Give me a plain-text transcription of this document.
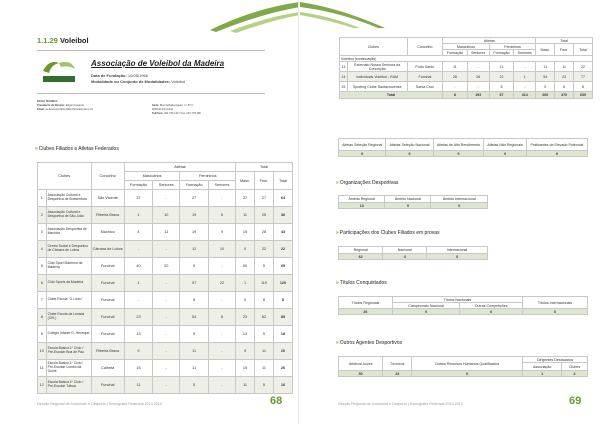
1.1.29 Voleibol
Associação de Voleibol da Madeira
Data de Fundação: 10/05/1966
Modalidade ou Conjunto de Modalidades: Voleibol
FICHA TÉCNICA:
Presidente da Direção: Edgar Cesareia
Email: av.desconsordetubilizonhiracastrrpto.com
Sede: Rua Velhada Aguiar, n.º 87 C
9000-013 Funchal
Telefone: 291 764 140 / Fax: 291 778 486
»Clubes Filiados e Atletas Federados
Clubes		Concelho	Atletas				Total		
			Masculinos		Femininos		Masc.	Fem.	Total
			Formação	Seniores	Formação	Seniores			
1	Associação Cultural e Desportiva de Boaventura	São Vicente	37	-	27	-	37	27	64
2	Associação Cultural e Desportiva de São João	Ribeira Brava	1	10	19	6	11	25	36
3	Associação Desportiva de Machico	Machico	4	11	19	9	15	28	43
4	Centro Social e Desportivo de Câmara de Lobos	Câmara de Lobos	-	-	12	10	0	22	22
5	Club Sport Marítimo da Madeira	Funchal	40	20	5	-	60	5	65
6	Club Sports da Madeira	Funchal	1	-	97	22	1	119	120
7	Clube Escola "O Liceu"	Funchal	-	-	8	-	0	8	8
8	Clube Escola da Levada (CEL)	Funchal	23	-	54	8	23	62	85
9	Colégio Infante D. Henrique	Funchal	13	-	5	-	13	5	18
10	Escola Básica 1º Ciclo / Pré-Escolar Boa de Pau	Ribeira Brava	9	-	11	-	9	11	20
11	Escola Básica 1º Ciclo / Pré-Escolar Lombo da Guiné	Calheta	15	-	11	-	15	11	26
12	Escola Básica 1º Ciclo / Pré-Escolar Tábua	Funchal	11	-	5	-	11	5	16
Direção Regional de Juventude e Desporto | Demografia Federada 2013-2014	68
Clubes		Concelho	Atletas				Total		
			Masculinos		Femininos		Masc.	Fem.	Total
			Formação	Seniores	Formação	Seniores			
Voleibol (continuação)									
13	Externato Nossa Senhora da Conceição	Porto Santo	11	-	11	-	11	11	22
14	Individuais Voleibol - RAM	Funchal	28	26	22	1	54	23	77
15	Sporting Clube Santacruzense	Santa Cruz	-	-	8	-	0	8	8
Total			8	193	67	314	260	370	630
Atletas Seleção Regional	Atletas Seleção Nacional	Atletas de Alto Rendimento	Atletas Não Regionais	Praticantes de Elevado Potencial
0	0	0	0	0
»Organizações Desportivas
Âmbito Regional	Âmbito Nacional	Âmbito Internacional
13	0	0
»Participações dos Clubes Filiados em provas
Regional	Nacional	Internacional
62	4	0
»Títulos Conquistados
Títulos Regionais	Títulos Nacionais		Títulos Internacionais
	Campeonato Nacional	Outras Competições	
26	0	0	0
»Outros Agentes Desportivos
Árbitros/Juízes	Técnicos	Outros Recursos Humanos Qualificados	Dirigentes Destacados	
			Associação	Clubes
50	23	0	1	2
Direção Regional de Juventude e Desporto | Demografia Federada 2013-2014	69
